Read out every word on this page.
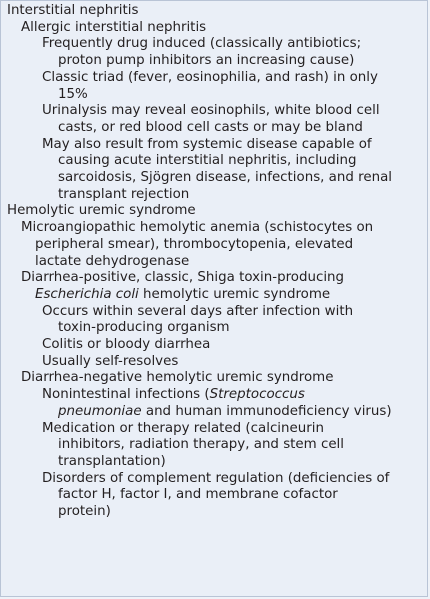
Interstitial nephritis
Allergic interstitial nephritis
Frequently drug induced (classically antibiotics;
proton pump inhibitors an increasing cause)
Classic triad (fever, eosinophilia, and rash) in only
15%
Urinalysis may reveal eosinophils, white blood cell
casts, or red blood cell casts or may be bland
May also result from systemic disease capable of
causing acute interstitial nephritis, including
sarcoidosis, Sjögren disease, infections, and renal
transplant rejection
Hemolytic uremic syndrome
Microangiopathic hemolytic anemia (schistocytes on
peripheral smear), thrombocytopenia, elevated
lactate dehydrogenase
Diarrhea-positive, classic, Shiga toxin-producing
Escherichia coli hemolytic uremic syndrome
Occurs within several days after infection with
toxin-producing organism
Colitis or bloody diarrhea
Usually self-resolves
Diarrhea-negative hemolytic uremic syndrome
Nonintestinal infections (Streptococcus
pneumoniae and human immunodeficiency virus)
Medication or therapy related (calcineurin
inhibitors, radiation therapy, and stem cell
transplantation)
Disorders of complement regulation (deficiencies of
factor H, factor I, and membrane cofactor
protein)
